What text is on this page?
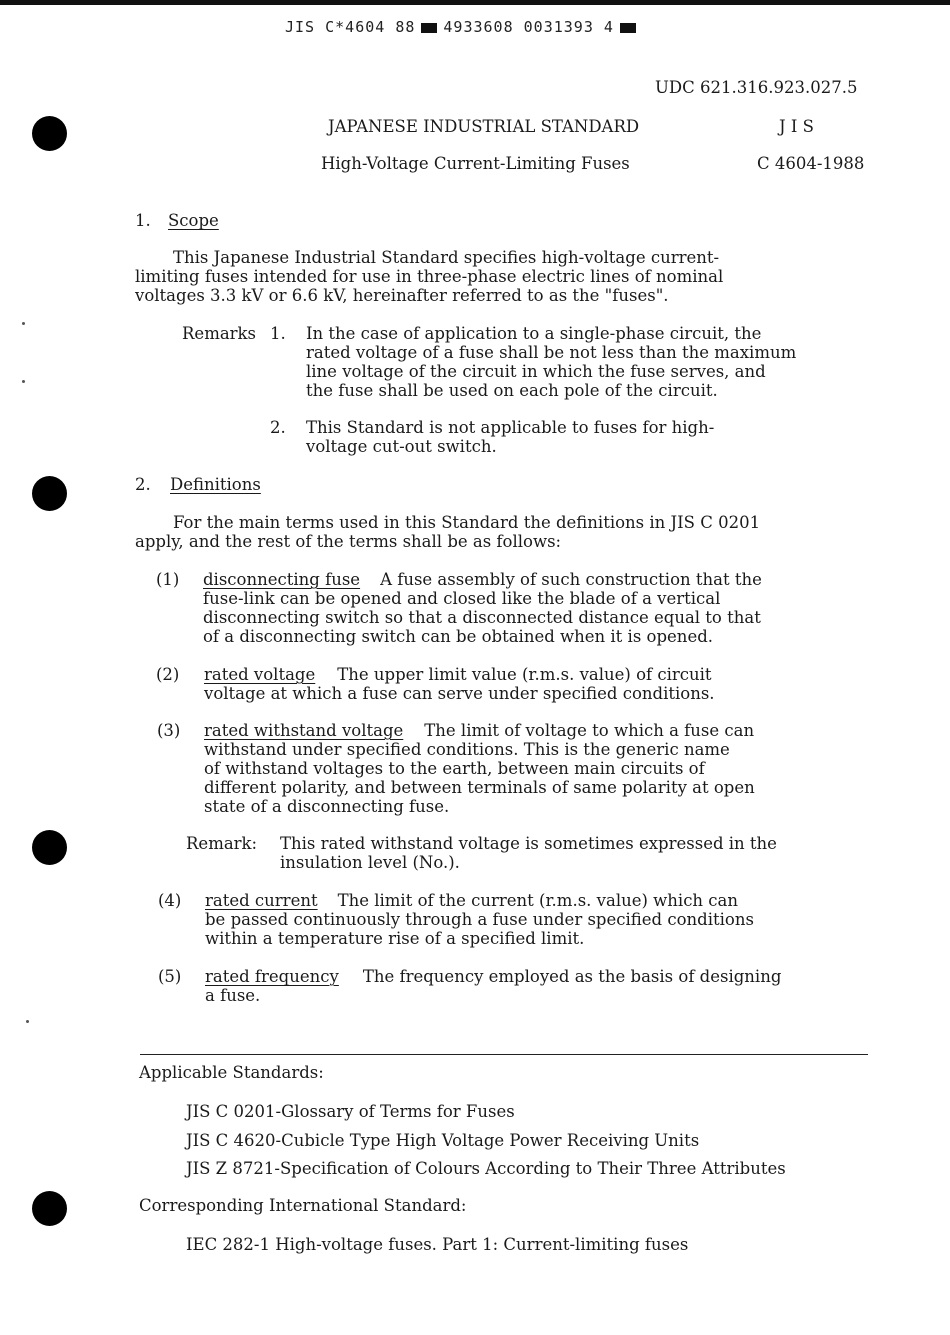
JIS C*4604 88 4933608 0031393 4
UDC 621.316.923.027.5
JAPANESE INDUSTRIAL STANDARD	J I S
High-Voltage Current-Limiting Fuses	C 4604-1988
1. Scope
This Japanese Industrial Standard specifies high-voltage current-
limiting fuses intended for use in three-phase electric lines of nominal
voltages 3.3 kV or 6.6 kV, hereinafter referred to as the "fuses".
Remarks 1. In the case of application to a single-phase circuit, the
rated voltage of a fuse shall be not less than the maximum
line voltage of the circuit in which the fuse serves, and
the fuse shall be used on each pole of the circuit.
2. This Standard is not applicable to fuses for high-
voltage cut-out switch.
2. Definitions
For the main terms used in this Standard the definitions in JIS C 0201
apply, and the rest of the terms shall be as follows:
(1) disconnecting fuse A fuse assembly of such construction that the
fuse-link can be opened and closed like the blade of a vertical
disconnecting switch so that a disconnected distance equal to that
of a disconnecting switch can be obtained when it is opened.
(2) rated voltage The upper limit value (r.m.s. value) of circuit
voltage at which a fuse can serve under specified conditions.
(3) rated withstand voltage The limit of voltage to which a fuse can
withstand under specified conditions. This is the generic name
of withstand voltages to the earth, between main circuits of
different polarity, and between terminals of same polarity at open
state of a disconnecting fuse.
Remark: This rated withstand voltage is sometimes expressed in the
insulation level (No.).
(4) rated current The limit of the current (r.m.s. value) which can
be passed continuously through a fuse under specified conditions
within a temperature rise of a specified limit.
(5) rated frequency The frequency employed as the basis of designing
a fuse.
Applicable Standards:
JIS C 0201-Glossary of Terms for Fuses
JIS C 4620-Cubicle Type High Voltage Power Receiving Units
JIS Z 8721-Specification of Colours According to Their Three Attributes
Corresponding International Standard:
IEC 282-1 High-voltage fuses. Part 1: Current-limiting fuses
